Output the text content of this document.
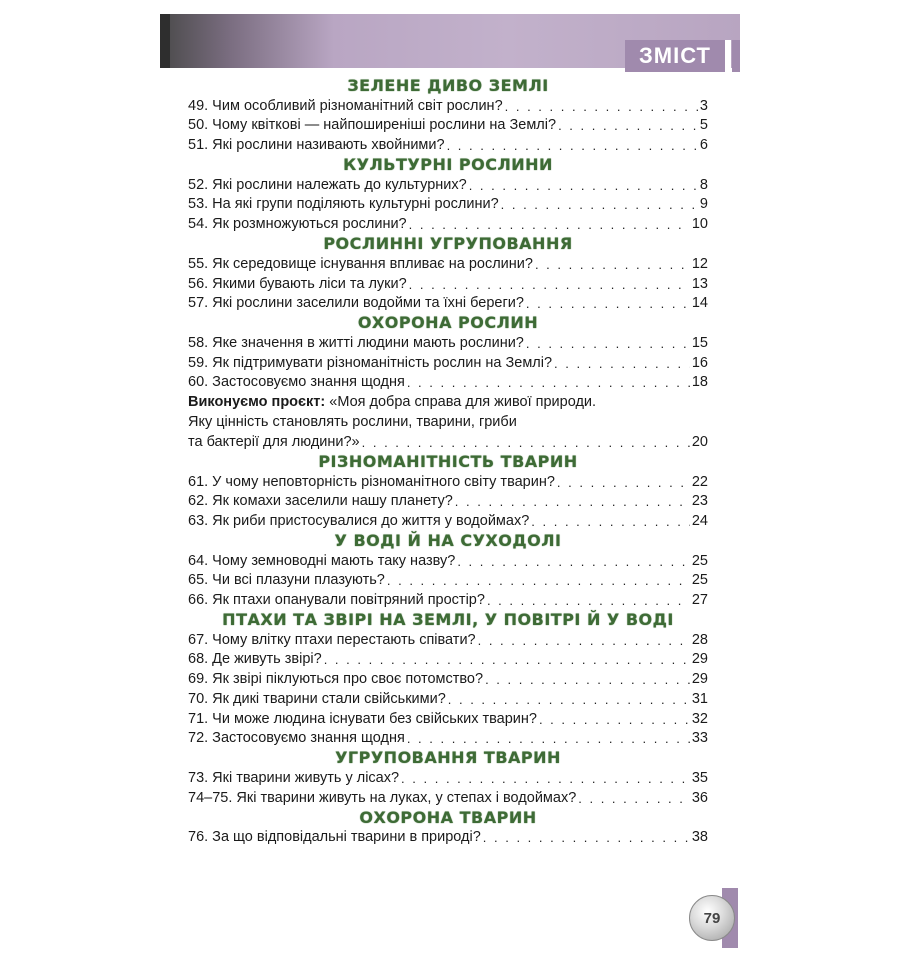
ЗМІСТ
ЗЕЛЕНЕ ДИВО ЗЕМЛІ
49. Чим особливий різноманітний світ рослин? . . .	3
50. Чому квіткові — найпоширеніші рослини на Землі? . . .	5
51. Які рослини називають хвойними? . . .	6
КУЛЬТУРНІ РОСЛИНИ
52. Які рослини належать до культурних? . . .	8
53. На які групи поділяють культурні рослини? . . .	9
54. Як розмножуються рослини? . . .	10
РОСЛИННІ УГРУПОВАННЯ
55. Як середовище існування впливає на рослини? . . .	12
56. Якими бувають ліси та луки? . . .	13
57. Які рослини заселили водойми та їхні береги? . . .	14
ОХОРОНА РОСЛИН
58. Яке значення в житті людини мають рослини? . . .	15
59. Як підтримувати різноманітність рослин на Землі? . . .	16
60. Застосовуємо знання щодня . . .	18
Виконуємо проєкт: «Моя добра справа для живої природи.
Яку цінність становлять рослини, тварини, гриби
та бактерії для людини?» . . .	20
РІЗНОМАНІТНІСТЬ ТВАРИН
61. У чому неповторність різноманітного світу тварин? . . .	22
62. Як комахи заселили нашу планету? . . .	23
63. Як риби пристосувалися до життя у водоймах? . . .	24
У ВОДІ Й НА СУХОДОЛІ
64. Чому земноводні мають таку назву? . . .	25
65. Чи всі плазуни плазують? . . .	25
66. Як птахи опанували повітряний простір? . . .	27
ПТАХИ ТА ЗВІРІ НА ЗЕМЛІ, У ПОВІТРІ Й У ВОДІ
67. Чому влітку птахи перестають співати? . . .	28
68. Де живуть звірі? . . .	29
69. Як звірі піклуються про своє потомство? . . .	29
70. Як дикі тварини стали свійськими? . . .	31
71. Чи може людина існувати без свійських тварин? . . .	32
72. Застосовуємо знання щодня . . .	33
УГРУПОВАННЯ ТВАРИН
73. Які тварини живуть у лісах? . . .	35
74–75. Які тварини живуть на луках, у степах і водоймах? . . .	36
ОХОРОНА ТВАРИН
76. За що відповідальні тварини в природі? . . .	38
79
